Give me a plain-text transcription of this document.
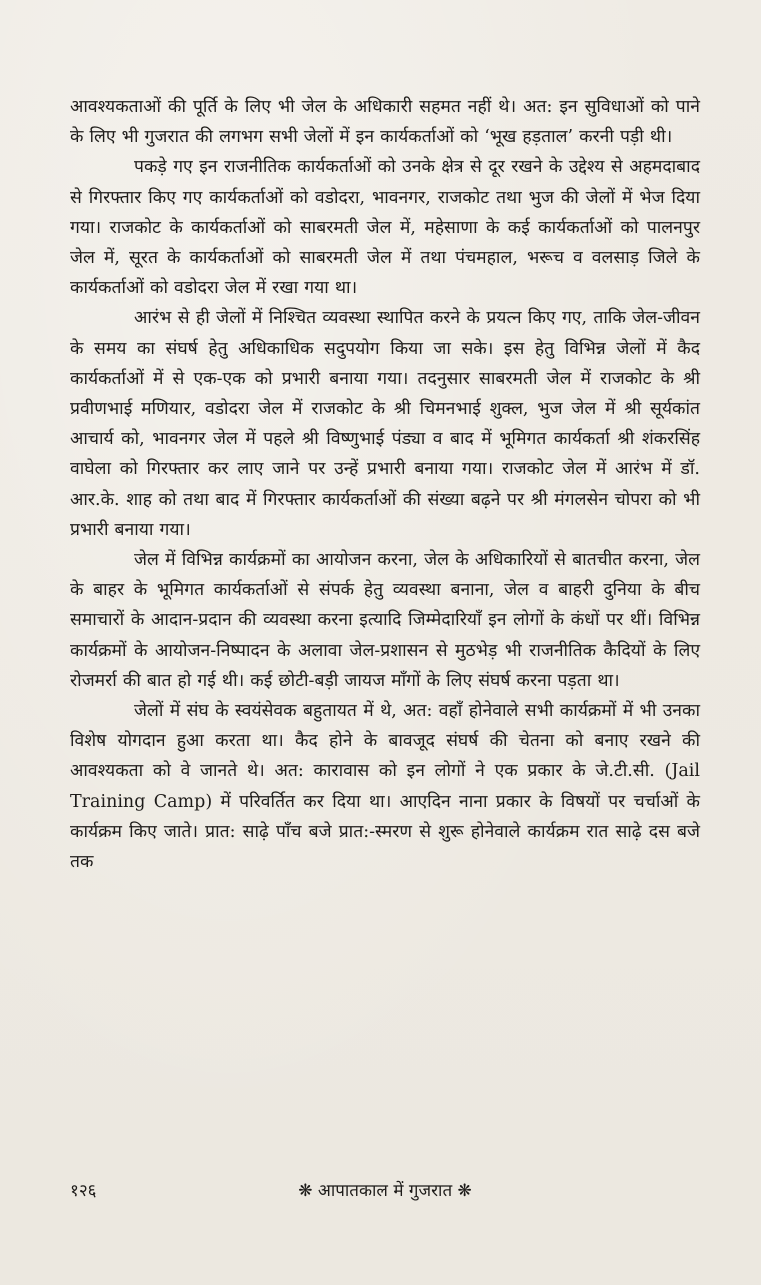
आवश्यकताओं की पूर्ति के लिए भी जेल के अधिकारी सहमत नहीं थे। अत: इन सुविधाओं को पाने के लिए भी गुजरात की लगभग सभी जेलों में इन कार्यकर्ताओं को ‘भूख हड़ताल’ करनी पड़ी थी।

पकड़े गए इन राजनीतिक कार्यकर्ताओं को उनके क्षेत्र से दूर रखने के उद्देश्य से अहमदाबाद से गिरफ्तार किए गए कार्यकर्ताओं को वडोदरा, भावनगर, राजकोट तथा भुज की जेलों में भेज दिया गया। राजकोट के कार्यकर्ताओं को साबरमती जेल में, महेसाणा के कई कार्यकर्ताओं को पालनपुर जेल में, सूरत के कार्यकर्ताओं को साबरमती जेल में तथा पंचमहाल, भरूच व वलसाड़ जिले के कार्यकर्ताओं को वडोदरा जेल में रखा गया था।

आरंभ से ही जेलों में निश्चित व्यवस्था स्थापित करने के प्रयत्न किए गए, ताकि जेल-जीवन के समय का संघर्ष हेतु अधिकाधिक सदुपयोग किया जा सके। इस हेतु विभिन्न जेलों में कैद कार्यकर्ताओं में से एक-एक को प्रभारी बनाया गया। तदनुसार साबरमती जेल में राजकोट के श्री प्रवीणभाई मणियार, वडोदरा जेल में राजकोट के श्री चिमनभाई शुक्ल, भुज जेल में श्री सूर्यकांत आचार्य को, भावनगर जेल में पहले श्री विष्णुभाई पंड्या व बाद में भूमिगत कार्यकर्ता श्री शंकरसिंह वाघेला को गिरफ्तार कर लाए जाने पर उन्हें प्रभारी बनाया गया। राजकोट जेल में आरंभ में डॉ. आर.के. शाह को तथा बाद में गिरफ्तार कार्यकर्ताओं की संख्या बढ़ने पर श्री मंगलसेन चोपरा को भी प्रभारी बनाया गया।

जेल में विभिन्न कार्यक्रमों का आयोजन करना, जेल के अधिकारियों से बातचीत करना, जेल के बाहर के भूमिगत कार्यकर्ताओं से संपर्क हेतु व्यवस्था बनाना, जेल व बाहरी दुनिया के बीच समाचारों के आदान-प्रदान की व्यवस्था करना इत्यादि जिम्मेदारियाँ इन लोगों के कंधों पर थीं। विभिन्न कार्यक्रमों के आयोजन-निष्पादन के अलावा जेल-प्रशासन से मुठभेड़ भी राजनीतिक कैदियों के लिए रोजमर्रा की बात हो गई थी। कई छोटी-बड़ी जायज माँगों के लिए संघर्ष करना पड़ता था।

जेलों में संघ के स्वयंसेवक बहुतायत में थे, अत: वहाँ होनेवाले सभी कार्यक्रमों में भी उनका विशेष योगदान हुआ करता था। कैद होने के बावजूद संघर्ष की चेतना को बनाए रखने की आवश्यकता को वे जानते थे। अत: कारावास को इन लोगों ने एक प्रकार के जे.टी.सी. (Jail Training Camp) में परिवर्तित कर दिया था। आएदिन नाना प्रकार के विषयों पर चर्चाओं के कार्यक्रम किए जाते। प्रात: साढ़े पाँच बजे प्रात:-स्मरण से शुरू होनेवाले कार्यक्रम रात साढ़े दस बजे तक

१२६	❋ आपातकाल में गुजरात ❋
